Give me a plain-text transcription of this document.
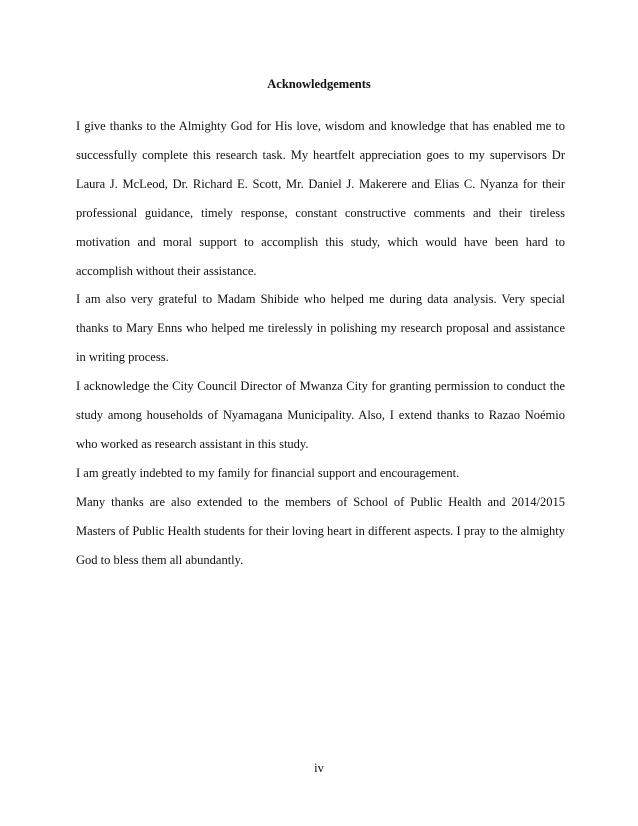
Acknowledgements

I give thanks to the Almighty God for His love, wisdom and knowledge that has enabled me to successfully complete this research task. My heartfelt appreciation goes to my supervisors Dr Laura J. McLeod, Dr. Richard E. Scott, Mr. Daniel J. Makerere and Elias C. Nyanza for their professional guidance, timely response, constant constructive comments and their tireless motivation and moral support to accomplish this study, which would have been hard to accomplish without their assistance.

I am also very grateful to Madam Shibide who helped me during data analysis. Very special thanks to Mary Enns who helped me tirelessly in polishing my research proposal and assistance in writing process.

I acknowledge the City Council Director of Mwanza City for granting permission to conduct the study among households of Nyamagana Municipality. Also, I extend thanks to Razao Noémio who worked as research assistant in this study.

I am greatly indebted to my family for financial support and encouragement.

Many thanks are also extended to the members of School of Public Health and 2014/2015 Masters of Public Health students for their loving heart in different aspects. I pray to the almighty God to bless them all abundantly.

iv
